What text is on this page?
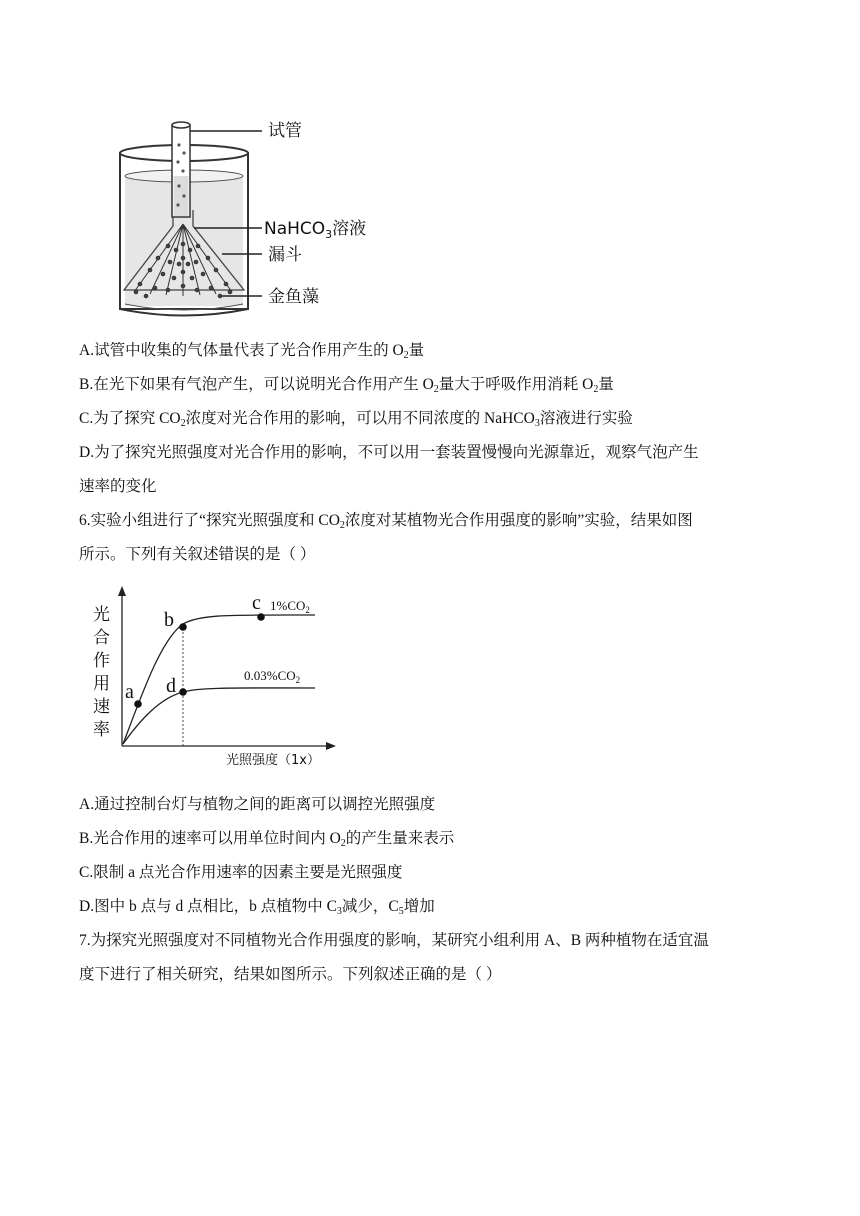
试管
NaHCO$_3$溶液
漏斗
金鱼藻
A.试管中收集的气体量代表了光合作用产生的 $O_2$量
B.在光下如果有气泡产生，可以说明光合作用产生 $O_2$量大于呼吸作用消耗 $O_2$量
C.为了探究 $CO_2$浓度对光合作用的影响，可以用不同浓度的 NaHCO$_3$溶液进行实验
D.为了探究光照强度对光合作用的影响，不可以用一套装置慢慢向光源靠近，观察气泡产生
速率的变化
6.实验小组进行了“探究光照强度和 $CO_2$浓度对某植物光合作用强度的影响”实验，结果如图
所示。下列有关叙述错误的是（ ）
a
b
c
d
$1\%CO_2$
$0.03\%CO_2$
光
合
作
用
速
率
光照强度（1x）
A.通过控制台灯与植物之间的距离可以调控光照强度
B.光合作用的速率可以用单位时间内 $O_2$的产生量来表示
C.限制 a 点光合作用速率的因素主要是光照强度
D.图中 b 点与 d 点相比，b 点植物中 $C_3$减少，$C_5$增加
7.为探究光照强度对不同植物光合作用强度的影响，某研究小组利用 A、B 两种植物在适宜温
度下进行了相关研究，结果如图所示。下列叙述正确的是（ ）
